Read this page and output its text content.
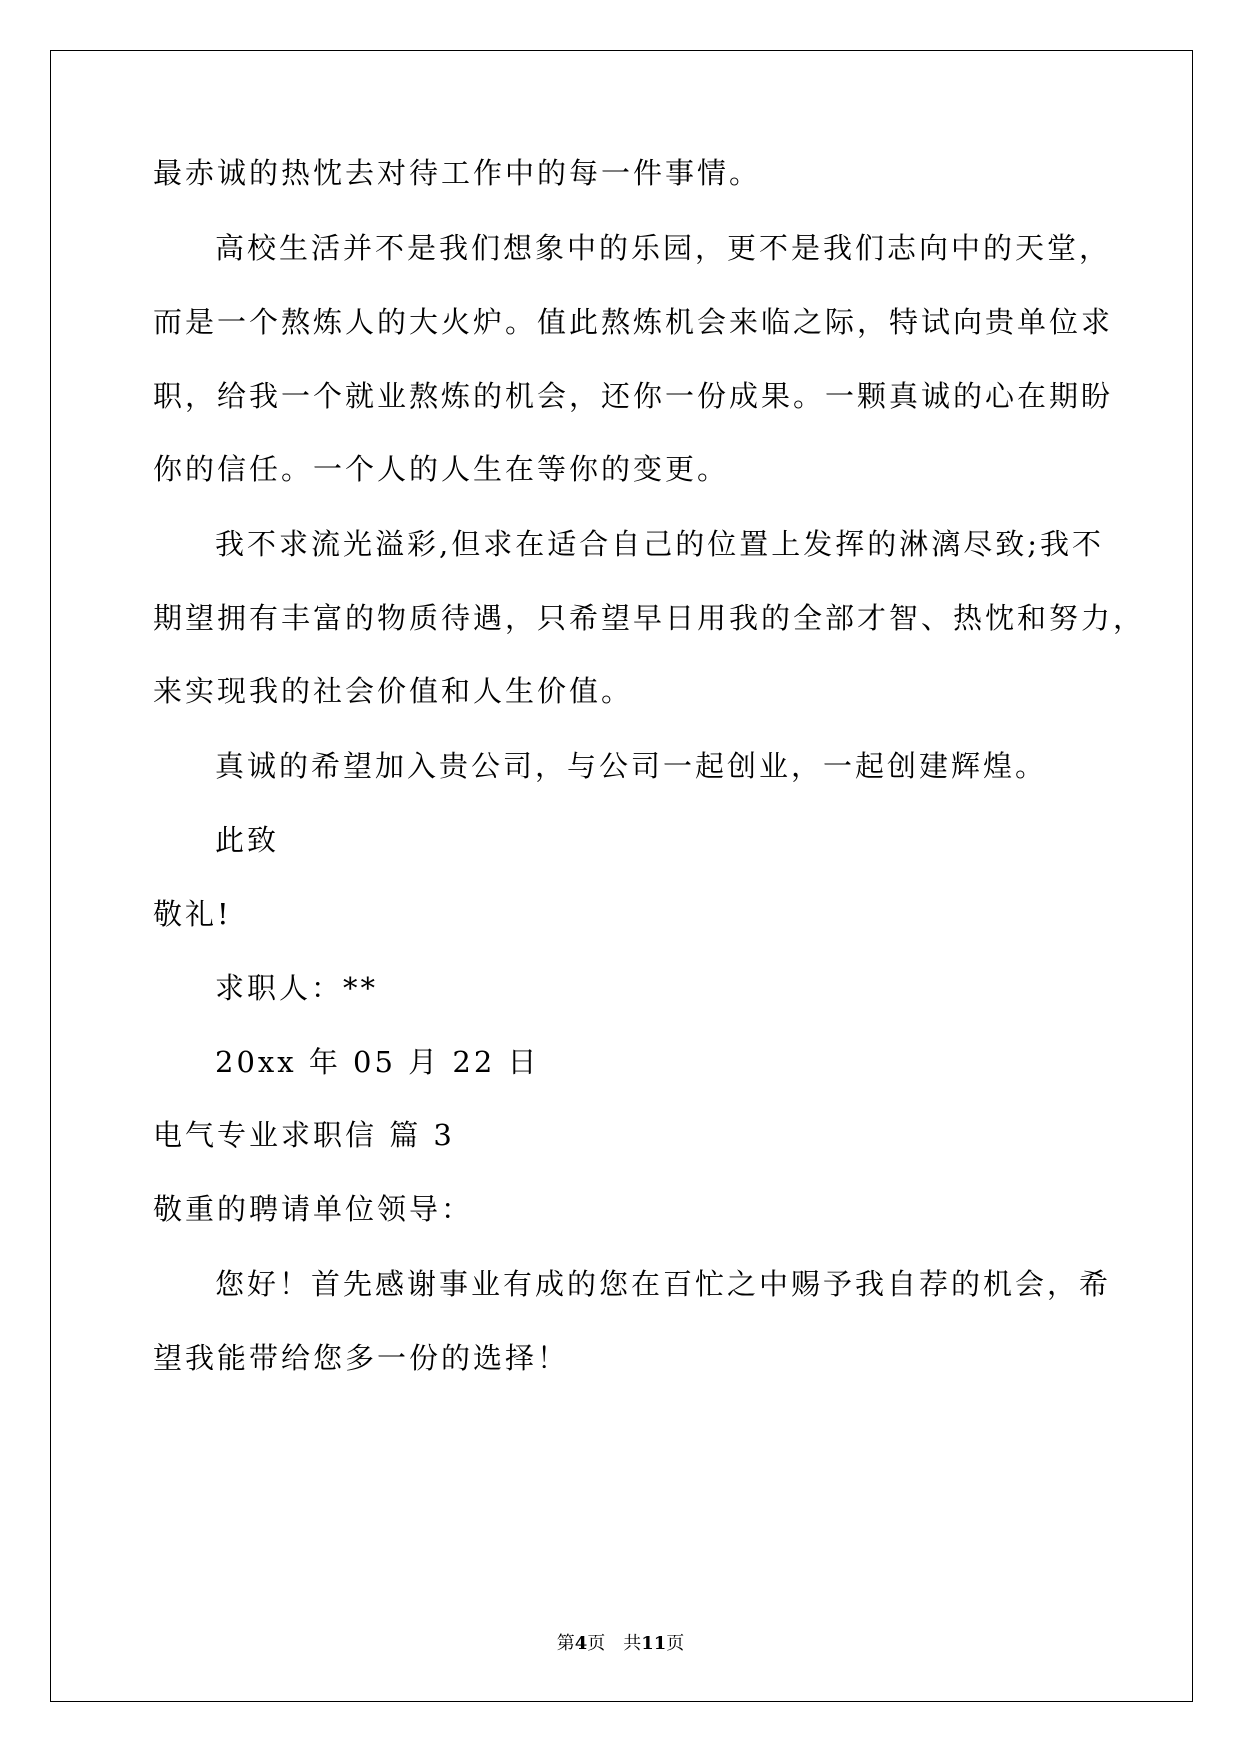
最赤诚的热忱去对待工作中的每一件事情。
高校生活并不是我们想象中的乐园，更不是我们志向中的天堂，
而是一个熬炼人的大火炉。值此熬炼机会来临之际，特试向贵单位求
职，给我一个就业熬炼的机会，还你一份成果。一颗真诚的心在期盼
你的信任。一个人的人生在等你的变更。
我不求流光溢彩,但求在适合自己的位置上发挥的淋漓尽致;我不
期望拥有丰富的物质待遇，只希望早日用我的全部才智、热忱和努力，
来实现我的社会价值和人生价值。
真诚的希望加入贵公司，与公司一起创业，一起创建辉煌。
此致
敬礼!
求职人：**
20xx 年 05 月 22 日
电气专业求职信 篇 3
敬重的聘请单位领导：
您好！首先感谢事业有成的您在百忙之中赐予我自荐的机会，希
望我能带给您多一份的选择！
第4页　共11页
